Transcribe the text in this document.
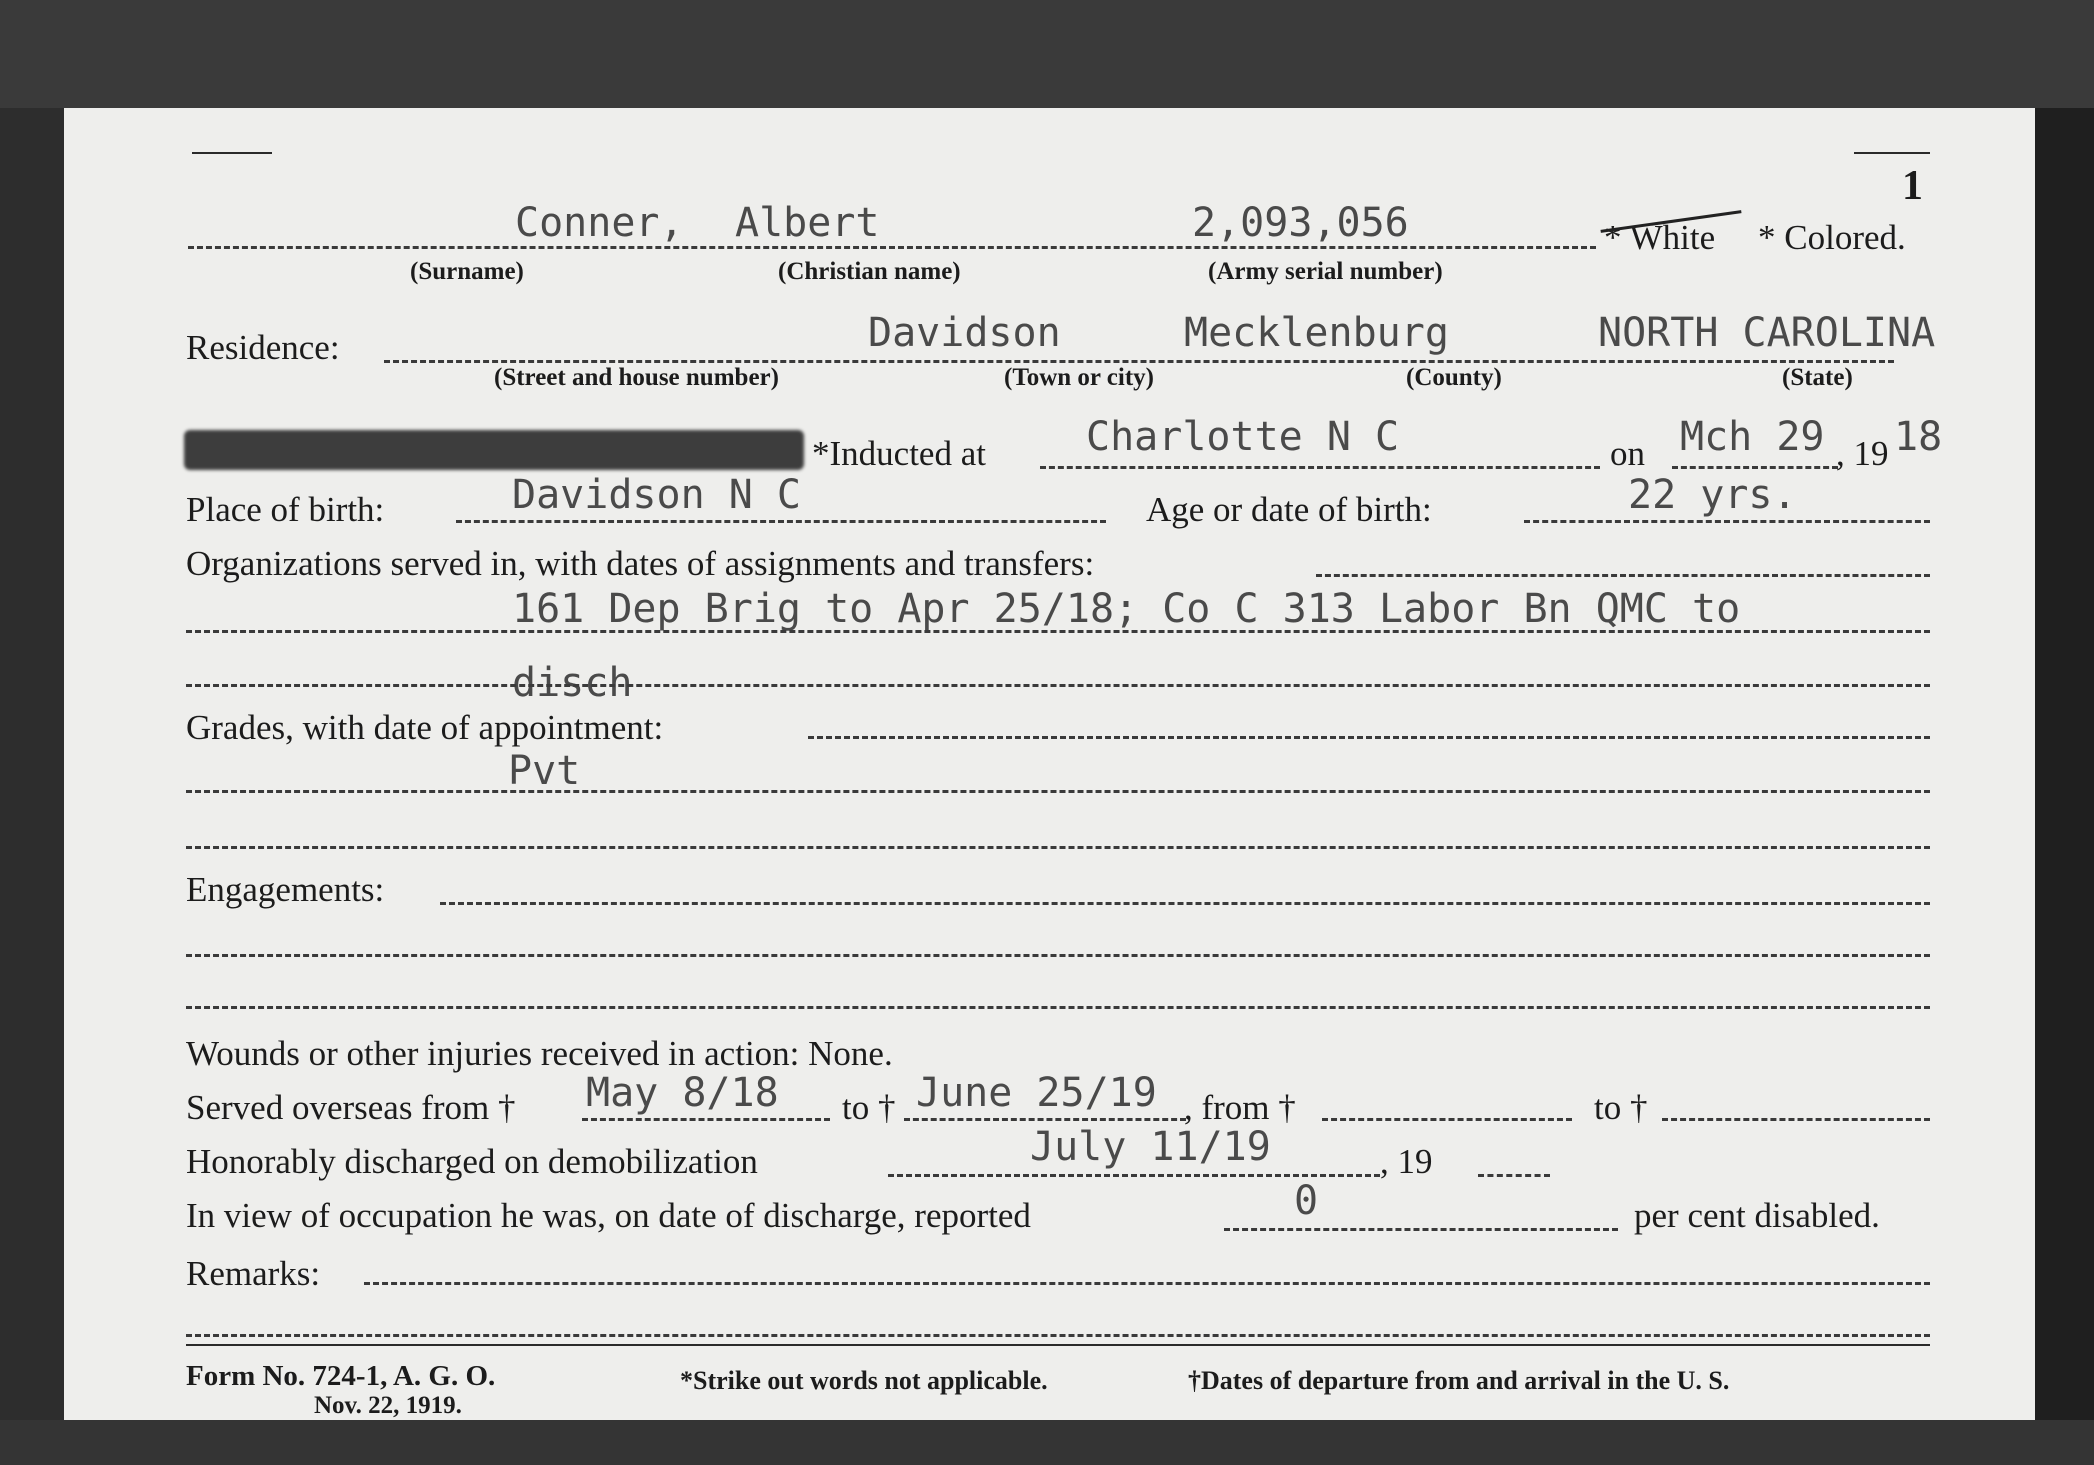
1
Conner, Albert	2,093,056	* White * Colored.
(Surname)	(Christian name)	(Army serial number)
Residence:	Davidson	Mecklenburg	NORTH CAROLINA
(Street and house number)	(Town or city)	(County)	(State)
*Inducted at	Charlotte N C	on Mch 29 , 19 18
Place of birth:	Davidson N C	Age or date of birth:	22 yrs.
Organizations served in, with dates of assignments and transfers:
161 Dep Brig to Apr 25/18; Co C 313 Labor Bn QMC to
disch
Grades, with date of appointment:
Pvt
Engagements:
Wounds or other injuries received in action: None.
Served overseas from † May 8/18 to † June 25/19 , from †	to †
Honorably discharged on demobilization	July 11/19	, 19
In view of occupation he was, on date of discharge, reported	0	per cent disabled.
Remarks:
Form No. 724-1, A. G. O.
Nov. 22, 1919.
*Strike out words not applicable.	†Dates of departure from and arrival in the U. S.
